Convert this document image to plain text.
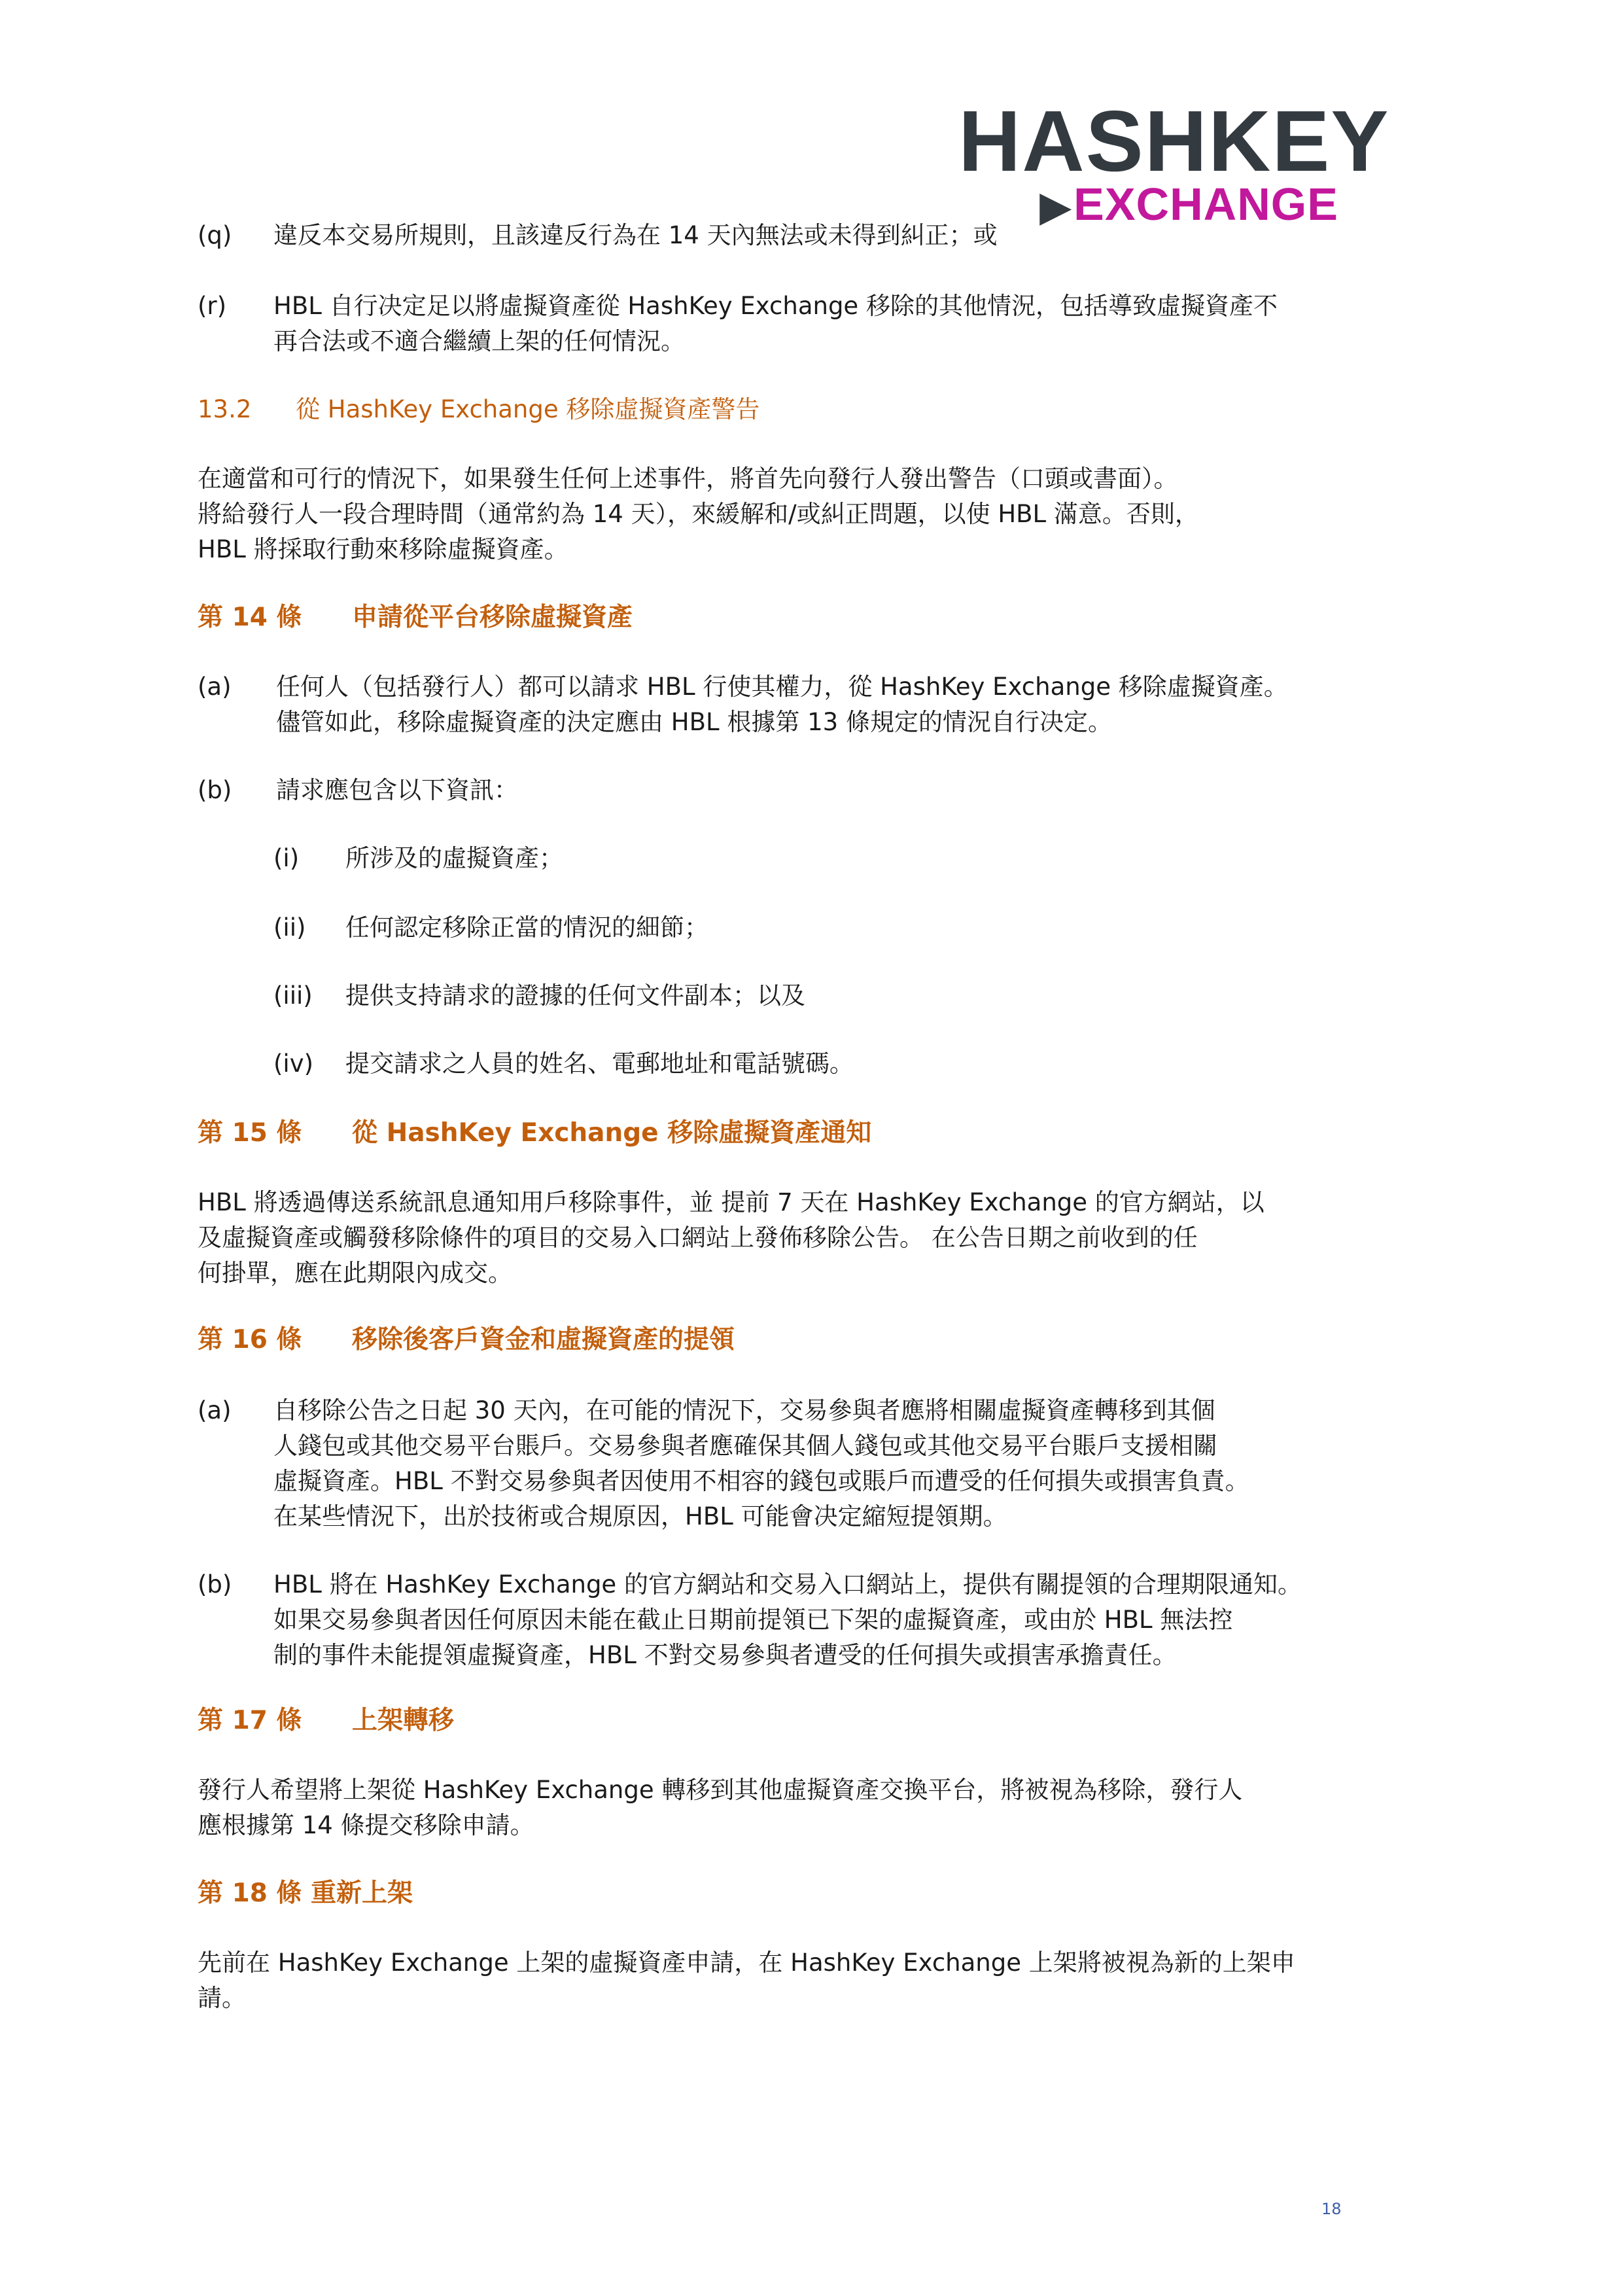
HASHKEY
▶EXCHANGE
(q) 違反本交易所規則，且該違反行為在 14 天內無法或未得到糾正；或
(r) HBL 自行决定足以將虛擬資產從 HashKey Exchange 移除的其他情況，包括導致虛擬資產不
再合法或不適合繼續上架的任何情況。
13.2 從 HashKey Exchange 移除虛擬資產警告
在適當和可行的情況下，如果發生任何上述事件，將首先向發行人發出警告（口頭或書面）。
將給發行人一段合理時間（通常約為 14 天），來緩解和/或糾正問題，以使 HBL 滿意。否則，
HBL 將採取行動來移除虛擬資產。
第 14 條 申請從平台移除虛擬資產
(a) 任何人（包括發行人）都可以請求 HBL 行使其權力，從 HashKey Exchange 移除虛擬資產。
儘管如此，移除虛擬資產的決定應由 HBL 根據第 13 條規定的情況自行决定。
(b) 請求應包含以下資訊：
(i) 所涉及的虛擬資產；
(ii) 任何認定移除正當的情況的細節；
(iii) 提供支持請求的證據的任何文件副本；以及
(iv) 提交請求之人員的姓名、電郵地址和電話號碼。
第 15 條 從 HashKey Exchange 移除虛擬資產通知
HBL 將透過傳送系統訊息通知用戶移除事件，並 提前 7 天在 HashKey Exchange 的官方網站，以
及虛擬資產或觸發移除條件的項目的交易入口網站上發佈移除公告。 在公告日期之前收到的任
何掛單，應在此期限內成交。
第 16 條 移除後客戶資金和虛擬資產的提領
(a) 自移除公告之日起 30 天內，在可能的情況下，交易參與者應將相關虛擬資產轉移到其個
人錢包或其他交易平台賬戶。交易參與者應確保其個人錢包或其他交易平台賬戶支援相關
虛擬資產。HBL 不對交易參與者因使用不相容的錢包或賬戶而遭受的任何損失或損害負責。
在某些情況下，出於技術或合規原因，HBL 可能會决定縮短提領期。
(b) HBL 將在 HashKey Exchange 的官方網站和交易入口網站上，提供有關提領的合理期限通知。
如果交易參與者因任何原因未能在截止日期前提領已下架的虛擬資產，或由於 HBL 無法控
制的事件未能提領虛擬資產，HBL 不對交易參與者遭受的任何損失或損害承擔責任。
第 17 條 上架轉移
發行人希望將上架從 HashKey Exchange 轉移到其他虛擬資產交換平台，將被視為移除，發行人
應根據第 14 條提交移除申請。
第 18 條 重新上架
先前在 HashKey Exchange 上架的虛擬資產申請，在 HashKey Exchange 上架將被視為新的上架申
請。
18
